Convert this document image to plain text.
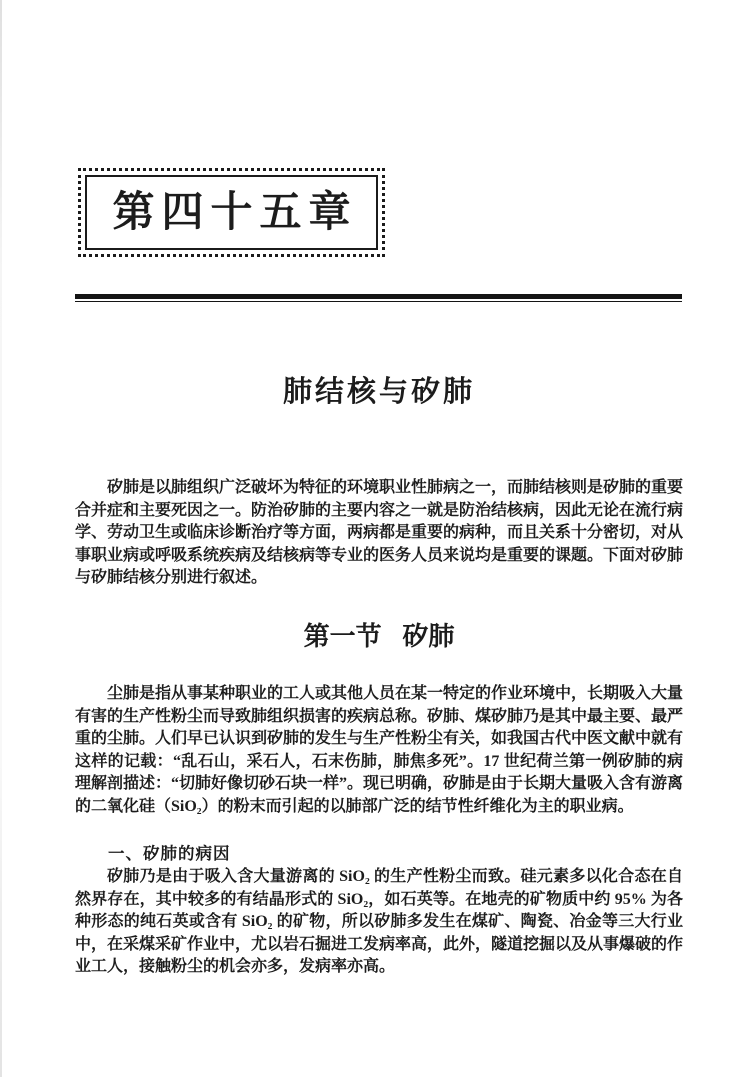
第四十五章
肺结核与矽肺
矽肺是以肺组织广泛破坏为特征的环境职业性肺病之一，而肺结核则是矽肺的重要合并症和主要死因之一。防治矽肺的主要内容之一就是防治结核病，因此无论在流行病学、劳动卫生或临床诊断治疗等方面，两病都是重要的病种，而且关系十分密切，对从事职业病或呼吸系统疾病及结核病等专业的医务人员来说均是重要的课题。下面对矽肺与矽肺结核分别进行叙述。
第一节 矽肺
尘肺是指从事某种职业的工人或其他人员在某一特定的作业环境中，长期吸入大量有害的生产性粉尘而导致肺组织损害的疾病总称。矽肺、煤矽肺乃是其中最主要、最严重的尘肺。人们早已认识到矽肺的发生与生产性粉尘有关，如我国古代中医文献中就有这样的记载：“乱石山，采石人，石末伤肺，肺焦多死”。17 世纪荷兰第一例矽肺的病理解剖描述：“切肺好像切砂石块一样”。现已明确，矽肺是由于长期大量吸入含有游离的二氧化硅（SiO₂）的粉末而引起的以肺部广泛的结节性纤维化为主的职业病。
一、矽肺的病因
矽肺乃是由于吸入含大量游离的 SiO₂ 的生产性粉尘而致。硅元素多以化合态在自然界存在，其中较多的有结晶形式的 SiO₂，如石英等。在地壳的矿物质中约 95% 为各种形态的纯石英或含有 SiO₂ 的矿物，所以矽肺多发生在煤矿、陶瓷、冶金等三大行业中，在采煤采矿作业中，尤以岩石掘进工发病率高，此外，隧道挖掘以及从事爆破的作业工人，接触粉尘的机会亦多，发病率亦高。
